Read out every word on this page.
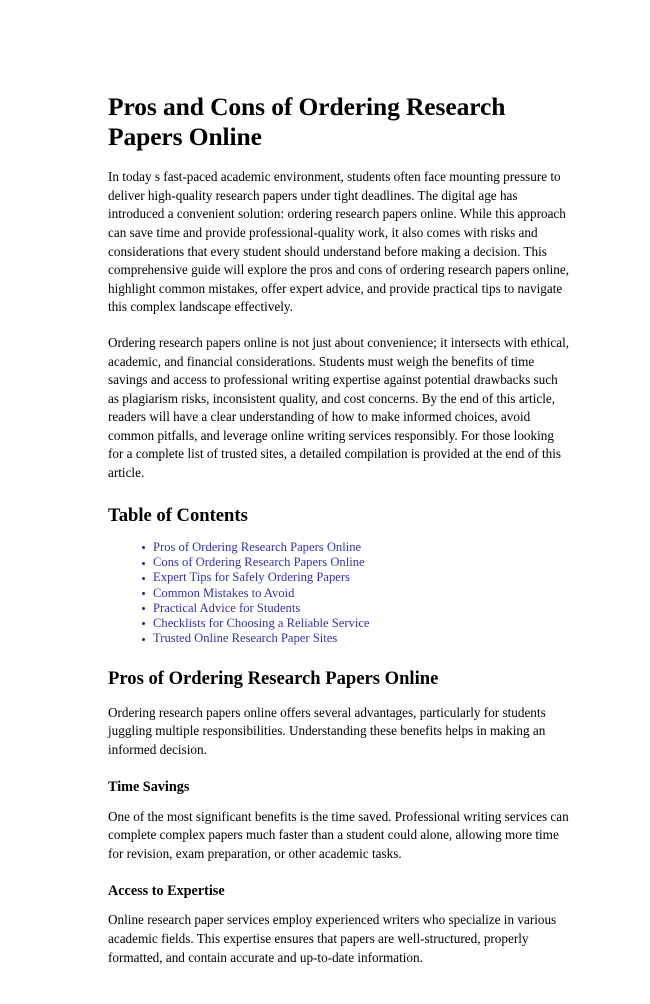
Pros and Cons of Ordering Research Papers Online

In today s fast-paced academic environment, students often face mounting pressure to deliver high-quality research papers under tight deadlines. The digital age has introduced a convenient solution: ordering research papers online. While this approach can save time and provide professional-quality work, it also comes with risks and considerations that every student should understand before making a decision. This comprehensive guide will explore the pros and cons of ordering research papers online, highlight common mistakes, offer expert advice, and provide practical tips to navigate this complex landscape effectively.

Ordering research papers online is not just about convenience; it intersects with ethical, academic, and financial considerations. Students must weigh the benefits of time savings and access to professional writing expertise against potential drawbacks such as plagiarism risks, inconsistent quality, and cost concerns. By the end of this article, readers will have a clear understanding of how to make informed choices, avoid common pitfalls, and leverage online writing services responsibly. For those looking for a complete list of trusted sites, a detailed compilation is provided at the end of this article.

Table of Contents
Pros of Ordering Research Papers Online
Cons of Ordering Research Papers Online
Expert Tips for Safely Ordering Papers
Common Mistakes to Avoid
Practical Advice for Students
Checklists for Choosing a Reliable Service
Trusted Online Research Paper Sites
Pros of Ordering Research Papers Online

Ordering research papers online offers several advantages, particularly for students juggling multiple responsibilities. Understanding these benefits helps in making an informed decision.

Time Savings

One of the most significant benefits is the time saved. Professional writing services can complete complex papers much faster than a student could alone, allowing more time for revision, exam preparation, or other academic tasks.

Access to Expertise

Online research paper services employ experienced writers who specialize in various academic fields. This expertise ensures that papers are well-structured, properly formatted, and contain accurate and up-to-date information.
